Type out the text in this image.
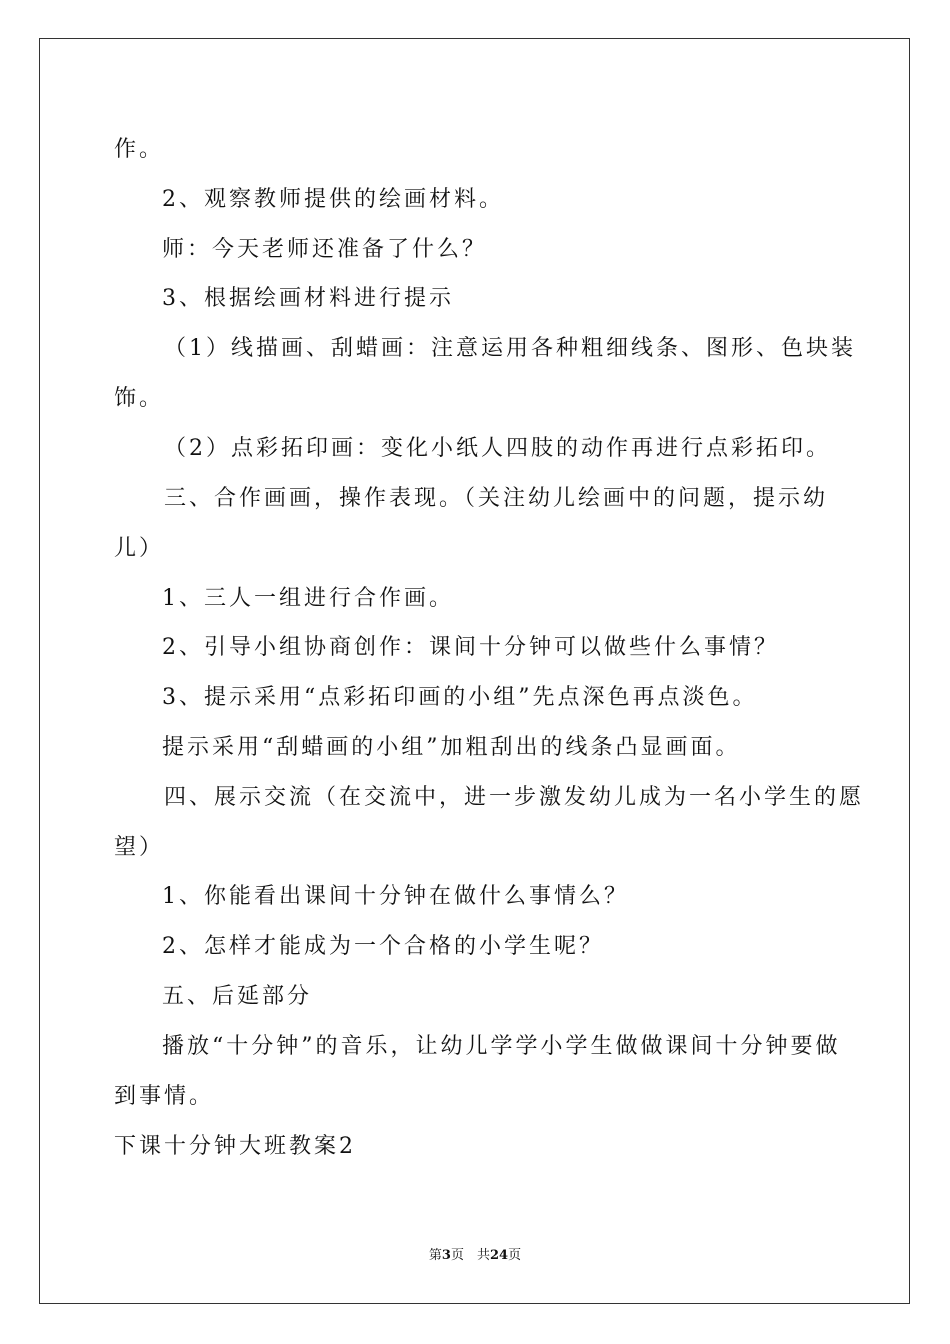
作。
2、观察教师提供的绘画材料。
师：今天老师还准备了什么？
3、根据绘画材料进行提示
（1）线描画、刮蜡画：注意运用各种粗细线条、图形、色块装
饰。
（2）点彩拓印画：变化小纸人四肢的动作再进行点彩拓印。
三、合作画画，操作表现。（关注幼儿绘画中的问题，提示幼
儿）
1、三人一组进行合作画。
2、引导小组协商创作：课间十分钟可以做些什么事情？
3、提示采用“点彩拓印画的小组”先点深色再点淡色。
提示采用“刮蜡画的小组”加粗刮出的线条凸显画面。
四、展示交流（在交流中，进一步激发幼儿成为一名小学生的愿
望）
1、你能看出课间十分钟在做什么事情么？
2、怎样才能成为一个合格的小学生呢？
五、后延部分
播放“十分钟”的音乐，让幼儿学学小学生做做课间十分钟要做
到事情。
下课十分钟大班教案2
第3页　共24页
